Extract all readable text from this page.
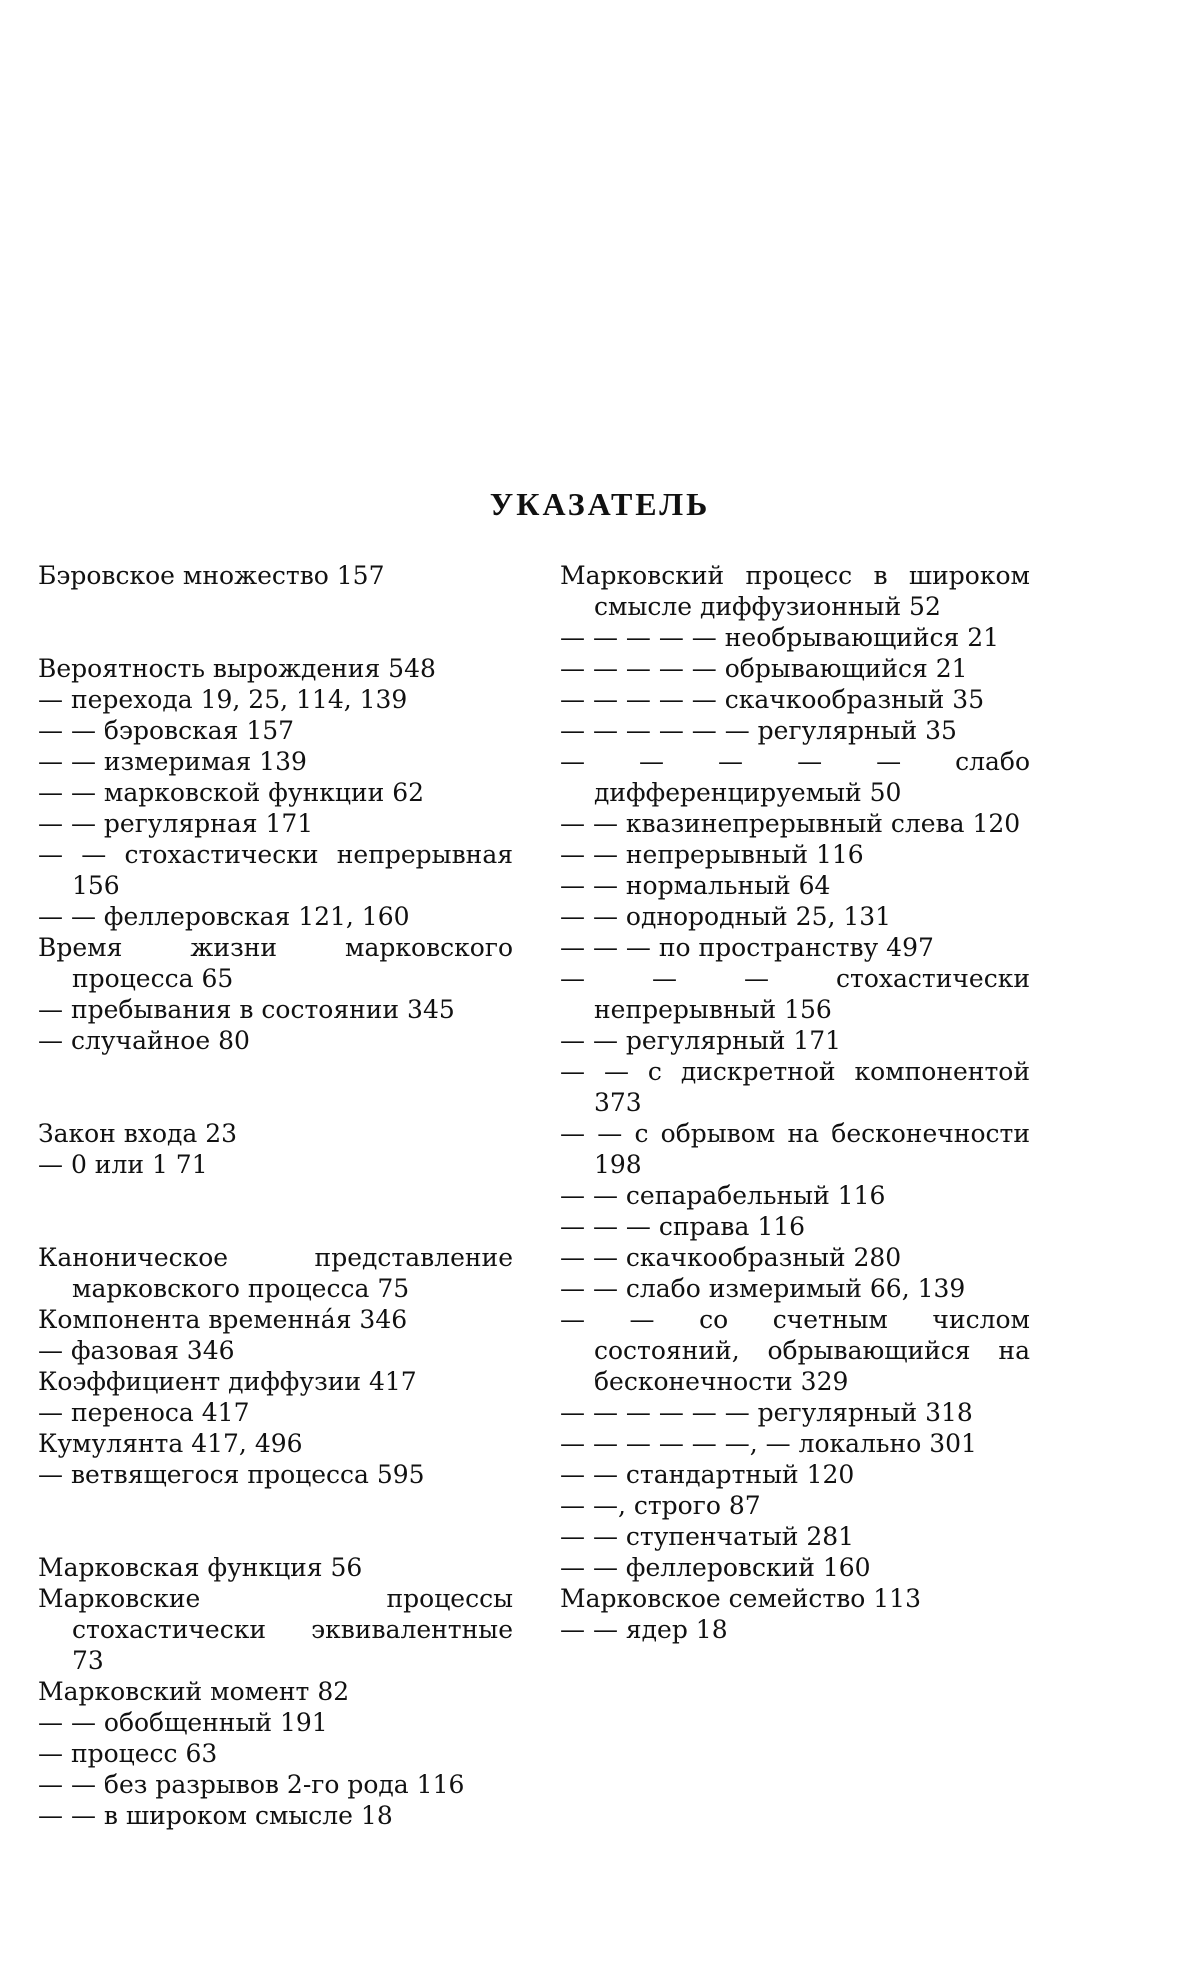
УКАЗАТЕЛЬ
Бэровское множество 157
Вероятность вырождения 548
— перехода 19, 25, 114, 139
— — бэровская 157
— — измеримая 139
— — марковской функции 62
— — регулярная 171
— — стохастически непрерывная 156
— — феллеровская 121, 160
Время жизни марковского процесса 65
— пребывания в состоянии 345
— случайное 80
Закон входа 23
— 0 или 1 71
Каноническое представление марковского процесса 75
Компонента временна́я 346
— фазовая 346
Коэффициент диффузии 417
— переноса 417
Кумулянта 417, 496
— ветвящегося процесса 595
Марковская функция 56
Марковские процессы стохастически эквивалентные 73
Марковский момент 82
— — обобщенный 191
— процесс 63
— — без разрывов 2-го рода 116
— — в широком смысле 18
Марковский процесс в широком смысле диффузионный 52
— — — — — необрывающийся 21
— — — — — обрывающийся 21
— — — — — скачкообразный 35
— — — — — — регулярный 35
— — — — — слабо дифференцируемый 50
— — квазинепрерывный слева 120
— — непрерывный 116
— — нормальный 64
— — однородный 25, 131
— — — по пространству 497
— — — стохастически непрерывный 156
— — регулярный 171
— — с дискретной компонентой 373
— — с обрывом на бесконечности 198
— — сепарабельный 116
— — — справа 116
— — скачкообразный 280
— — слабо измеримый 66, 139
— — со счетным числом состояний, обрывающийся на бесконечности 329
— — — — — — регулярный 318
— — — — — —, — локально 301
— — стандартный 120
— —, строго 87
— — ступенчатый 281
— — феллеровский 160
Марковское семейство 113
— — ядер 18
